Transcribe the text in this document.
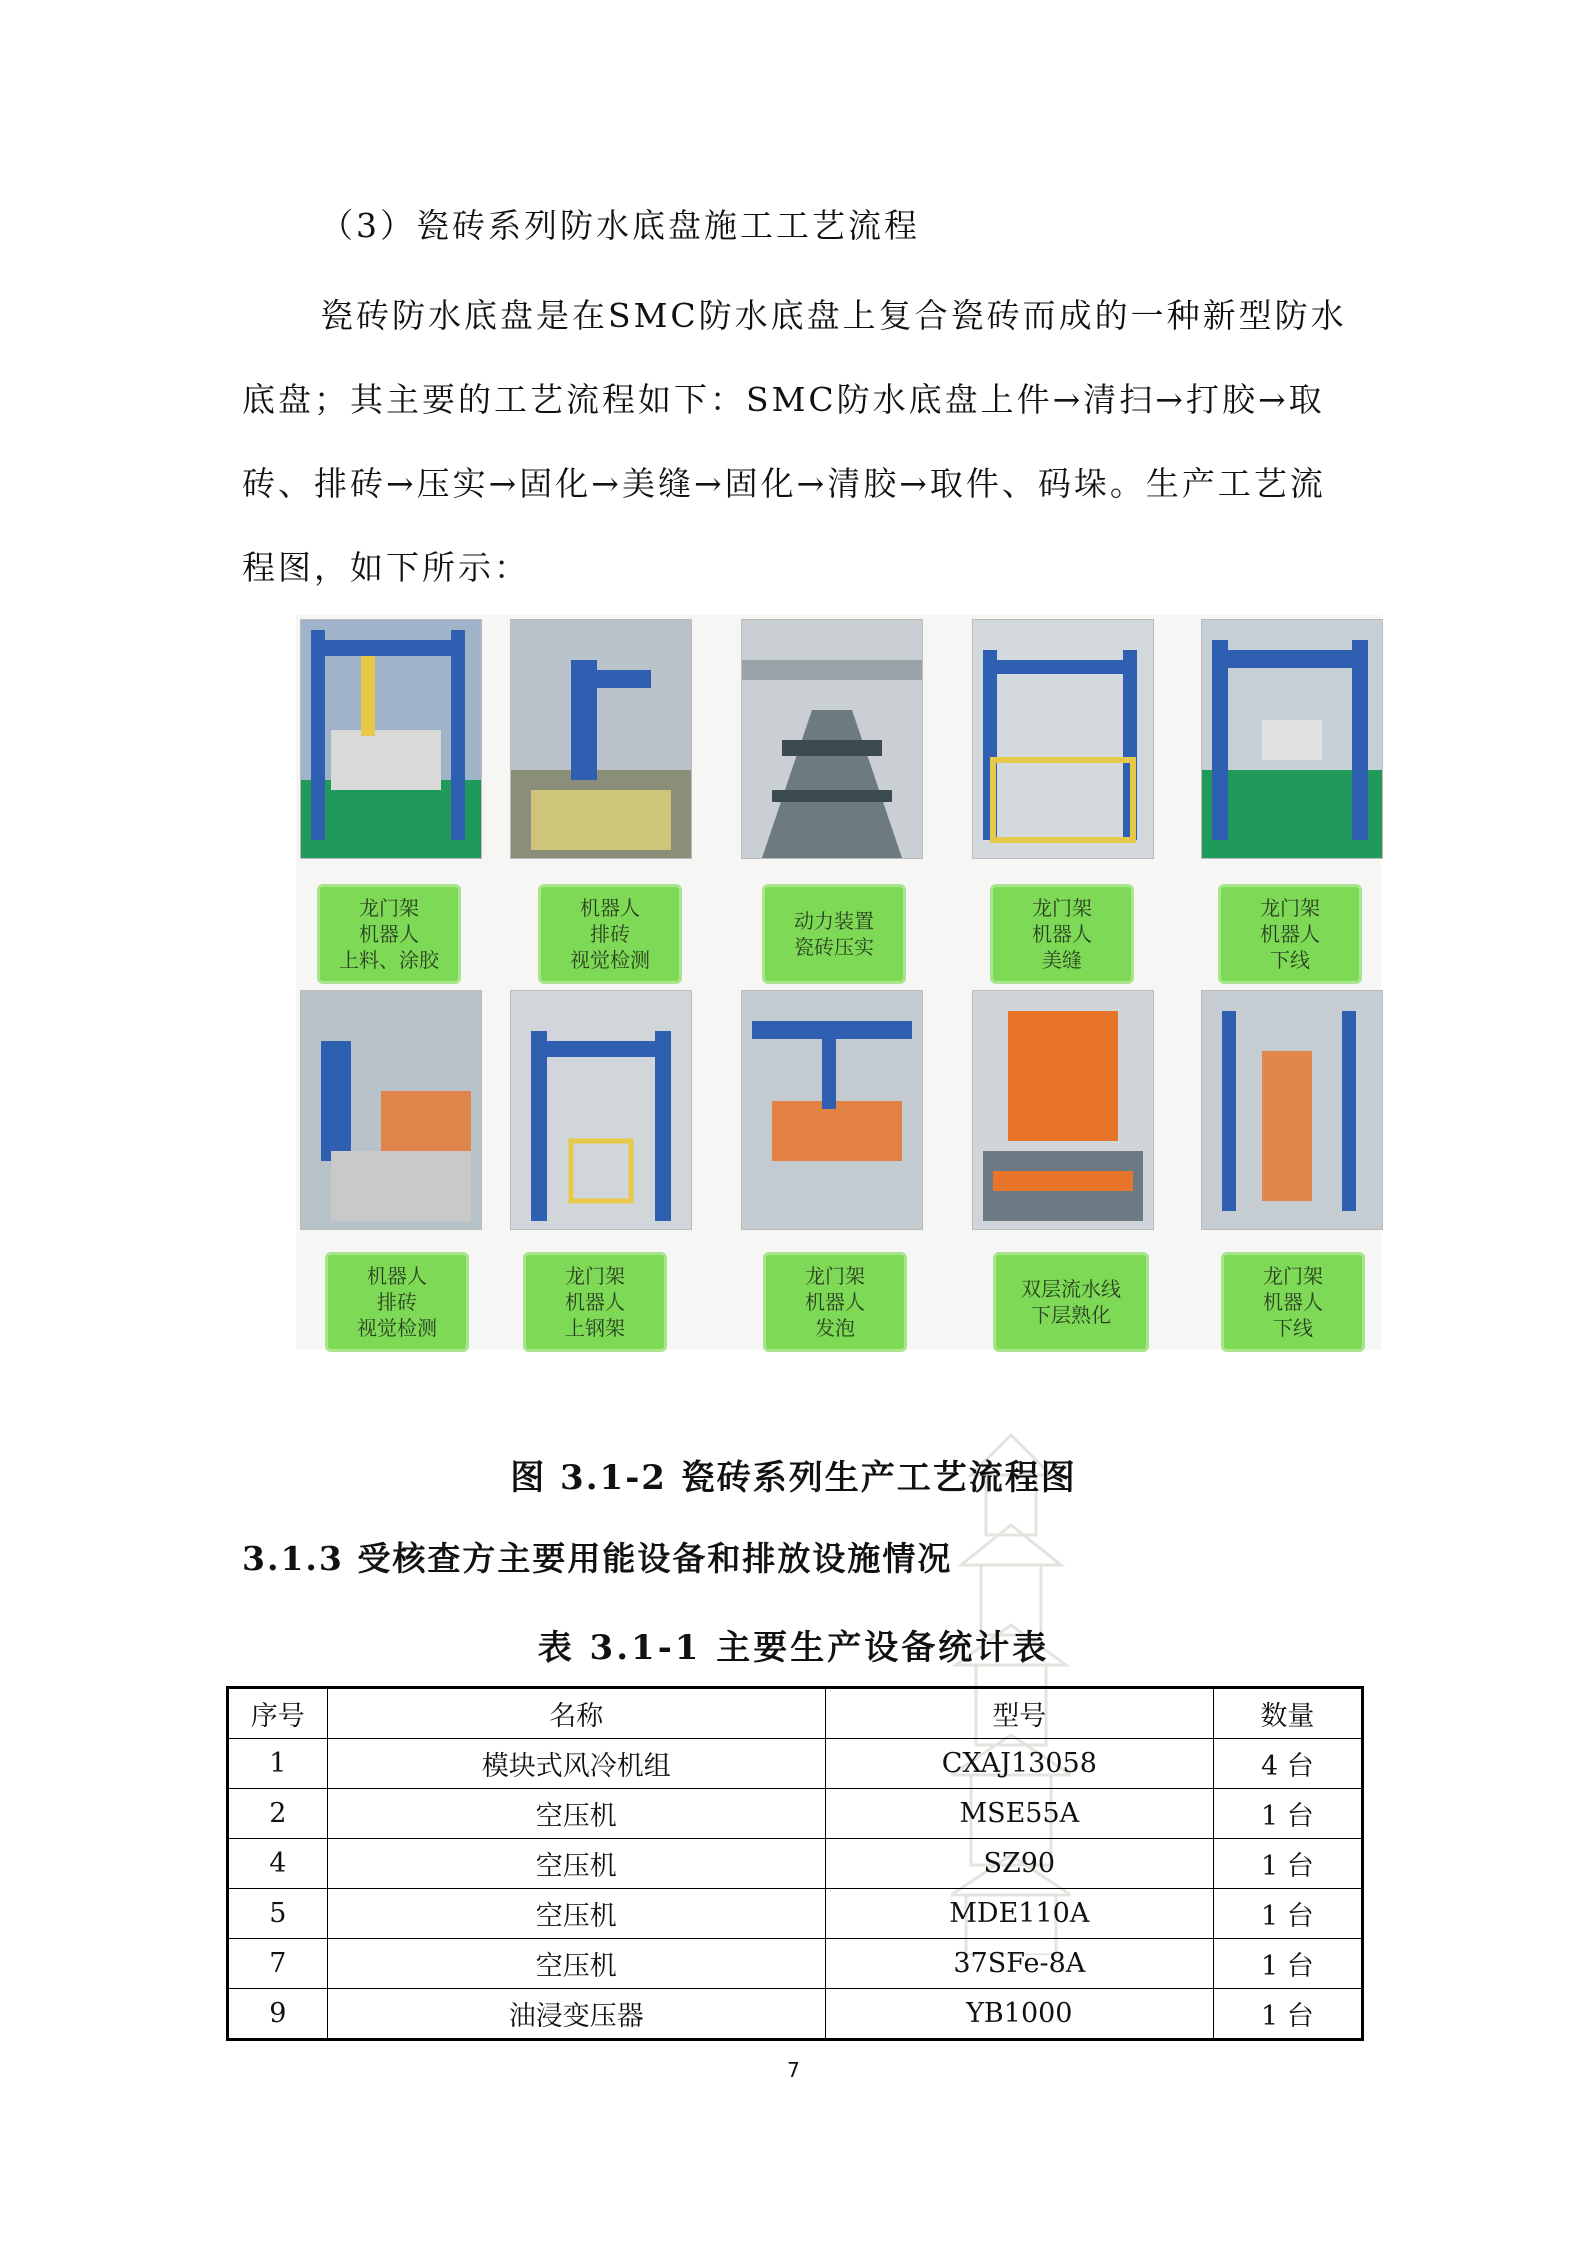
（3）瓷砖系列防水底盘施工工艺流程
瓷砖防水底盘是在SMC防水底盘上复合瓷砖而成的一种新型防水底盘；其主要的工艺流程如下：SMC防水底盘上件→清扫→打胶→取砖、排砖→压实→固化→美缝→固化→清胶→取件、码垛。生产工艺流程图，如下所示：
龙门架
机器人
上料、涂胶
机器人
排砖
视觉检测
动力装置
瓷砖压实
龙门架
机器人
美缝
龙门架
机器人
下线
机器人
排砖
视觉检测
龙门架
机器人
上钢架
龙门架
机器人
发泡
双层流水线
下层熟化
龙门架
机器人
下线
图 3.1-2 瓷砖系列生产工艺流程图
3.1.3 受核查方主要用能设备和排放设施情况
表 3.1-1 主要生产设备统计表
序号	名称	型号	数量
1	模块式风冷机组	CXAJ13058	4 台
2	空压机	MSE55A	1 台
4	空压机	SZ90	1 台
5	空压机	MDE110A	1 台
7	空压机	37SFe-8A	1 台
9	油浸变压器	YB1000	1 台
7
